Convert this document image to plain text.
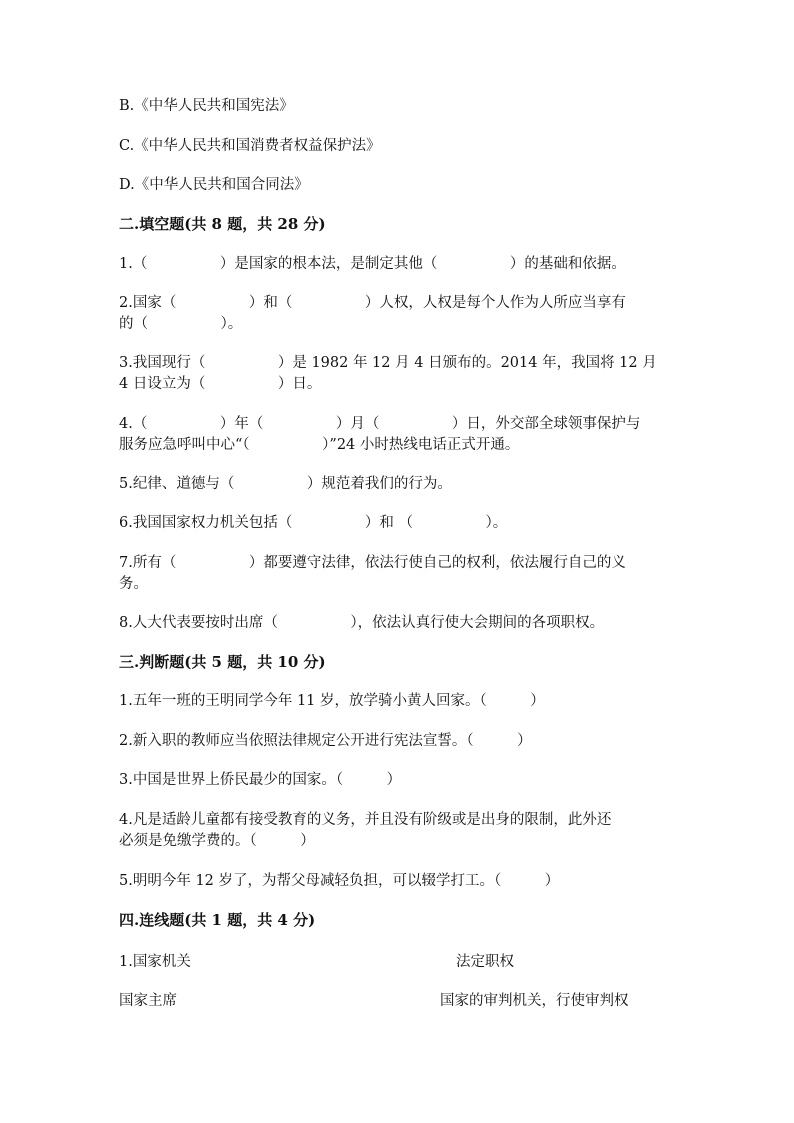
B.《中华人民共和国宪法》

C.《中华人民共和国消费者权益保护法》

D.《中华人民共和国合同法》

二.填空题(共 8 题，共 28 分)

1.（　　　　　）是国家的根本法，是制定其他（　　　　　）的基础和依据。

2.国家（　　　　　）和（　　　　　）人权，人权是每个人作为人所应当享有

的（　　　　　）。

3.我国现行（　　　　　）是 1982 年 12 月 4 日颁布的。2014 年，我国将 12 月

4 日设立为（　　　　　）日。

4.（　　　　　）年（　　　　　）月（　　　　　）日，外交部全球领事保护与

服务应急呼叫中心“（　　　　　）”24 小时热线电话正式开通。

5.纪律、道德与（　　　　　）规范着我们的行为。

6.我国国家权力机关包括（　　　　　）和 （　　　　　）。

7.所有（　　　　　）都要遵守法律，依法行使自己的权利，依法履行自己的义

务。

8.人大代表要按时出席（　　　　　），依法认真行使大会期间的各项职权。

三.判断题(共 5 题，共 10 分)

1.五年一班的王明同学今年 11 岁，放学骑小黄人回家。（　　　）

2.新入职的教师应当依照法律规定公开进行宪法宣誓。（　　　）

3.中国是世界上侨民最少的国家。（　　　）

4.凡是适龄儿童都有接受教育的义务，并且没有阶级或是出身的限制，此外还

必须是免缴学费的。（　　　）

5.明明今年 12 岁了，为帮父母减轻负担，可以辍学打工。（　　　）

四.连线题(共 1 题，共 4 分)

1.国家机关	法定职权
国家主席	国家的审判机关，行使审判权
